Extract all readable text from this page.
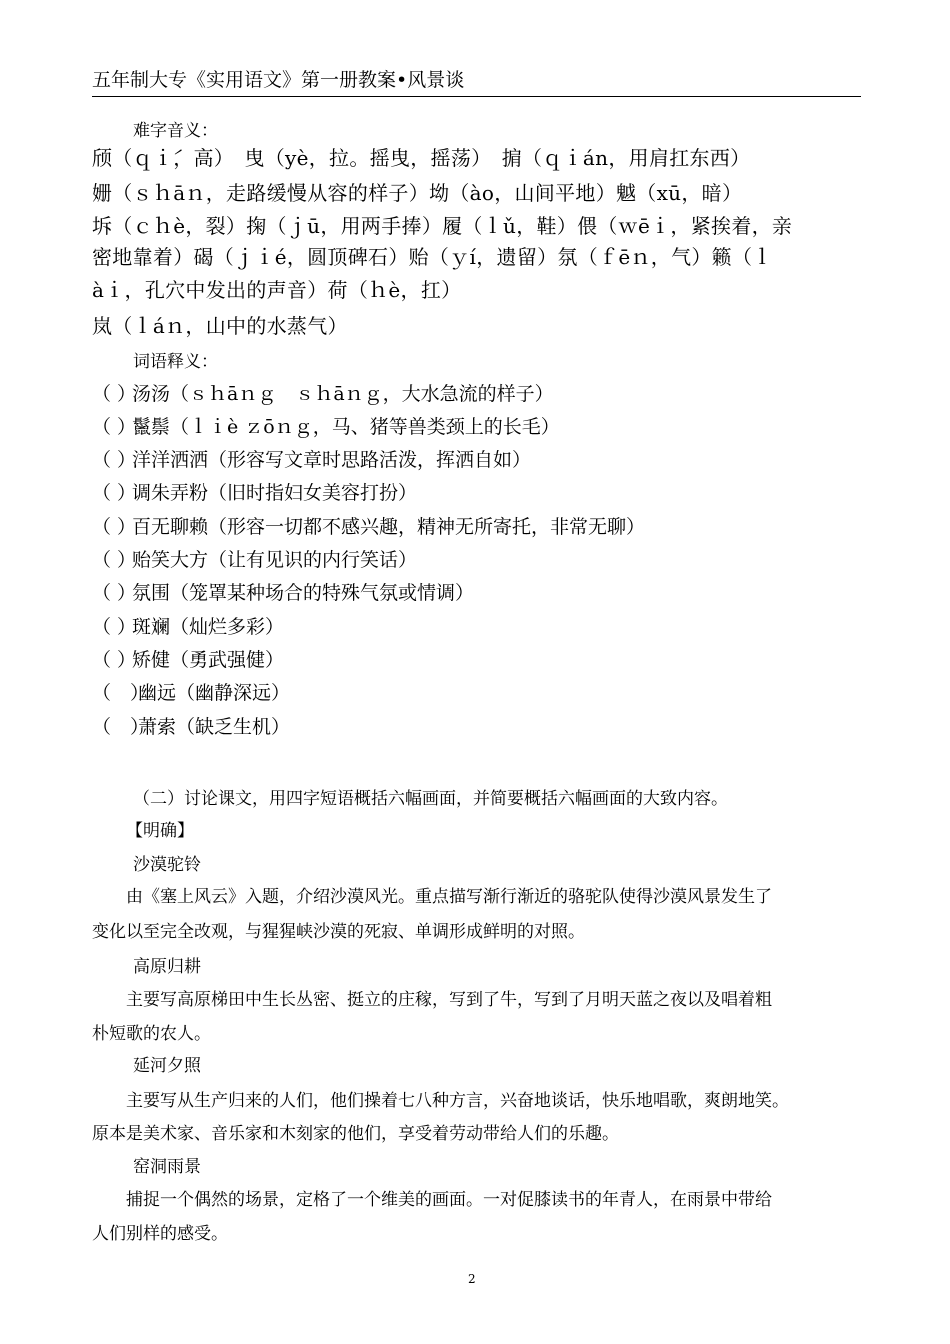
五年制大专《实用语文》第一册教案•风景谈
难字音义：
颀（ｑｉ́，高）　曳（yè，拉。摇曳，摇荡）　掮（ｑｉán，用肩扛东西）
姗（ｓｈāｎ，走路缓慢从容的样子）坳（ào，山间平地）魆（xū，暗）
坼（ｃｈè，裂）掬（ｊū，用两手捧）履（ｌǔ，鞋）偎（ｗēｉ，紧挨着，亲
密地靠着）碣（ｊｉé，圆顶碑石）贻（ｙí，遗留）氛（ｆēｎ，气）籁（ｌ
àｉ，孔穴中发出的声音）荷（ｈè，扛）
岚（ｌáｎ，山中的水蒸气）
词语释义：
（ ）汤汤（ｓｈāｎｇ　ｓｈāｎｇ，大水急流的样子）
（ ）鬣鬃（ｌｉè ｚōｎｇ，马、猪等兽类颈上的长毛）
（ ）洋洋洒洒（形容写文章时思路活泼，挥洒自如）
（ ）调朱弄粉（旧时指妇女美容打扮）
（ ）百无聊赖（形容一切都不感兴趣，精神无所寄托，非常无聊）
（ ）贻笑大方（让有见识的内行笑话）
（ ）氛围（笼罩某种场合的特殊气氛或情调）
（ ）斑斓（灿烂多彩）
（ ）矫健（勇武强健）
（　）幽远（幽静深远）
（　）萧索（缺乏生机）
（二）讨论课文，用四字短语概括六幅画面，并简要概括六幅画面的大致内容。
【明确】
沙漠驼铃
由《塞上风云》入题，介绍沙漠风光。重点描写渐行渐近的骆驼队使得沙漠风景发生了
变化以至完全改观，与猩猩峡沙漠的死寂、单调形成鲜明的对照。
高原归耕
主要写高原梯田中生长丛密、挺立的庄稼，写到了牛，写到了月明天蓝之夜以及唱着粗
朴短歌的农人。
延河夕照
主要写从生产归来的人们，他们操着七八种方言，兴奋地谈话，快乐地唱歌，爽朗地笑。
原本是美术家、音乐家和木刻家的他们，享受着劳动带给人们的乐趣。
窑洞雨景
捕捉一个偶然的场景，定格了一个维美的画面。一对促膝读书的年青人，在雨景中带给
人们别样的感受。
2
